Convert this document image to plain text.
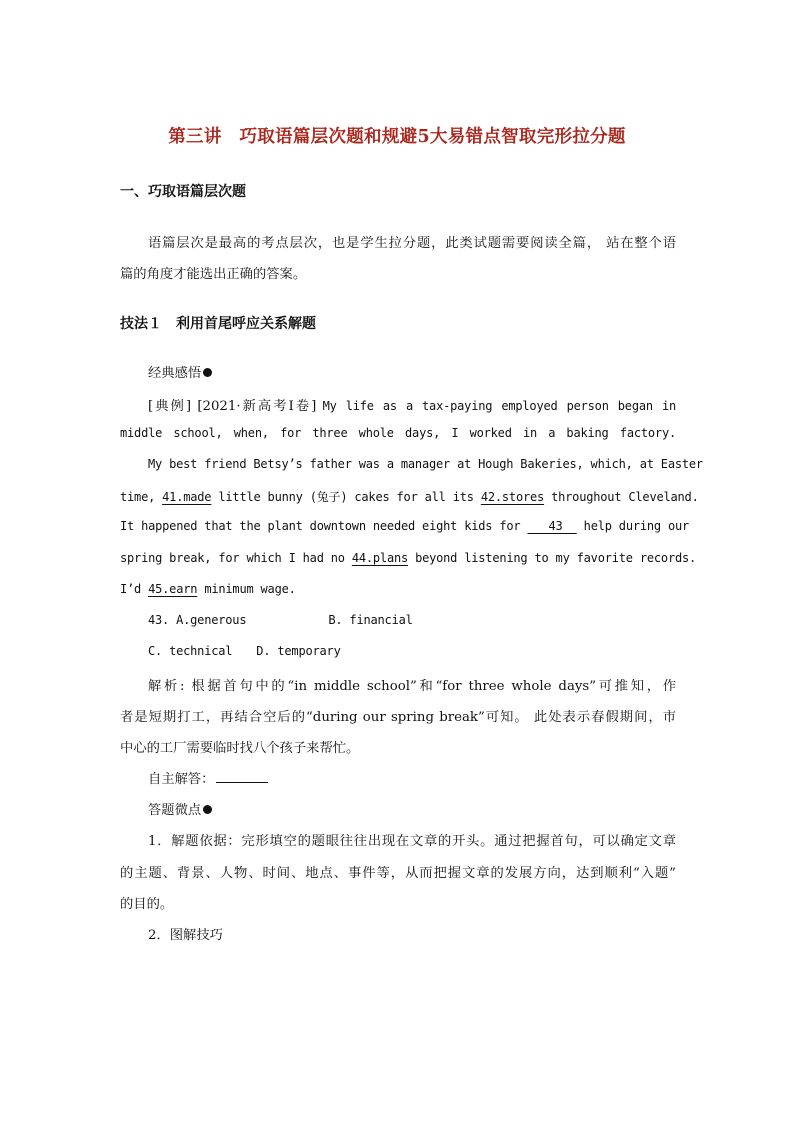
第三讲　巧取语篇层次题和规避5大易错点智取完形拉分题
一、巧取语篇层次题
语篇层次是最高的考点层次，也是学生拉分题，此类试题需要阅读全篇， 站在整个语
篇的角度才能选出正确的答案。
技法１　利用首尾呼应关系解题
经典感悟
[典例] [2021·新高考Ⅰ卷] My life as a tax-paying employed person began in
middle school, when, for three whole days, I worked in a baking factory.
My best friend Betsy’s father was a manager at Hough Bakeries, which, at Easter
time, 41.made little bunny (兔子) cakes for all its 42.stores throughout Cleveland.
It happened that the plant downtown needed eight kids for 43 help during our
spring break, for which I had no 44.plans beyond listening to my favorite records.
I’d 45.earn minimum wage.
43. A.generous	B. financial
C. technical D. temporary
解析: 根据首句中的“in middle school”和“for three whole days”可推知，作
者是短期打工，再结合空后的“during our spring break”可知。 此处表示春假期间，市
中心的工厂需要临时找八个孩子来帮忙。
自主解答：
答题微点
1．解题依据：完形填空的题眼往往出现在文章的开头。通过把握首句，可以确定文章
的主题、背景、人物、时间、地点、事件等，从而把握文章的发展方向，达到顺利“入题”
的目的。
2．图解技巧
